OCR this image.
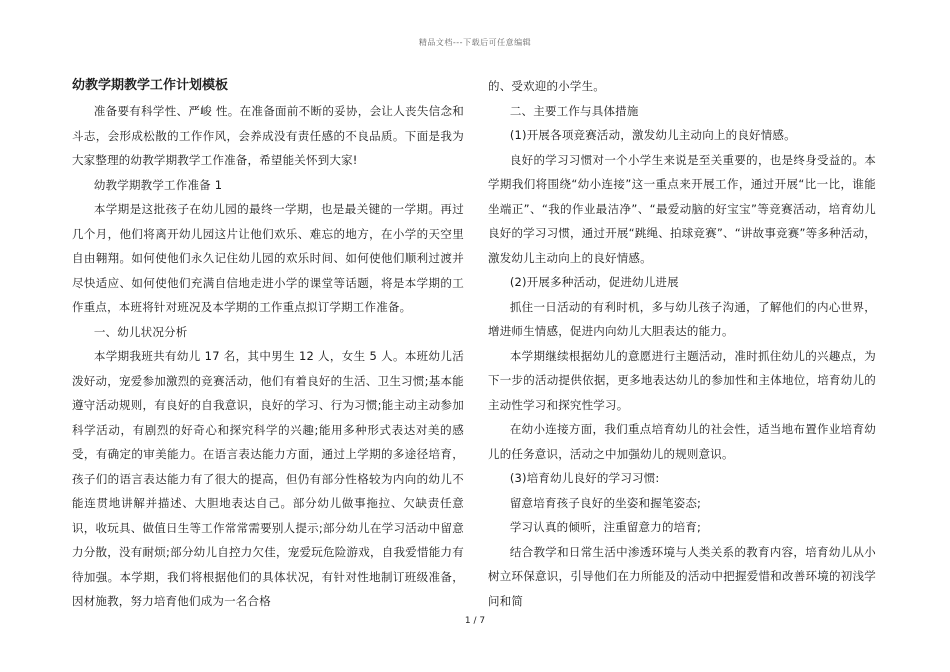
精品文档---下载后可任意编辑
幼教学期教学工作计划模板

准备要有科学性、严峻 性。在准备面前不断的妥协，会让人丧失信念和斗志，会形成松散的工作作风，会养成没有责任感的不良品质。下面是我为大家整理的幼教学期教学工作准备，希望能关怀到大家!

幼教学期教学工作准备 1

本学期是这批孩子在幼儿园的最终一学期，也是最关键的一学期。再过几个月，他们将离开幼儿园这片让他们欢乐、难忘的地方，在小学的天空里自由翱翔。如何使他们永久记住幼儿园的欢乐时间、如何使他们顺利过渡并尽快适应、如何使他们充满自信地走进小学的课堂等话题，将是本学期的工作重点，本班将针对班况及本学期的工作重点拟订学期工作准备。

一、幼儿状况分析

本学期我班共有幼儿 17 名，其中男生 12 人，女生 5 人。本班幼儿活泼好动，宠爱参加激烈的竞赛活动，他们有着良好的生活、卫生习惯;基本能遵守活动规则，有良好的自我意识，良好的学习、行为习惯;能主动主动参加科学活动，有剧烈的好奇心和探究科学的兴趣;能用多种形式表达对美的感受，有确定的审美能力。在语言表达能力方面，通过上学期的多途径培育，孩子们的语言表达能力有了很大的提高，但仍有部分性格较为内向的幼儿不能连贯地讲解并描述、大胆地表达自己。部分幼儿做事拖拉、欠缺责任意识，收玩具、做值日生等工作常常需要别人提示;部分幼儿在学习活动中留意力分散，没有耐烦;部分幼儿自控力欠佳，宠爱玩危险游戏，自我爱惜能力有待加强。本学期，我们将根据他们的具体状况，有针对性地制订班级准备，因材施教，努力培育他们成为一名合格

的、受欢迎的小学生。

二、主要工作与具体措施

(1)开展各项竞赛活动，激发幼儿主动向上的良好情感。

良好的学习习惯对一个小学生来说是至关重要的，也是终身受益的。本学期我们将围绕“幼小连接”这一重点来开展工作，通过开展“比一比，谁能坐端正”、“我的作业最洁净”、“最爱动脑的好宝宝”等竞赛活动，培育幼儿良好的学习习惯，通过开展“跳绳、拍球竞赛”、“讲故事竞赛”等多种活动，激发幼儿主动向上的良好情感。

(2)开展多种活动，促进幼儿进展

抓住一日活动的有利时机，多与幼儿孩子沟通，了解他们的内心世界，增进师生情感，促进内向幼儿大胆表达的能力。

本学期继续根据幼儿的意愿进行主题活动，准时抓住幼儿的兴趣点，为下一步的活动提供依据，更多地表达幼儿的参加性和主体地位，培育幼儿的主动性学习和探究性学习。

在幼小连接方面，我们重点培育幼儿的社会性，适当地布置作业培育幼儿的任务意识，活动之中加强幼儿的规则意识。

(3)培育幼儿良好的学习习惯:

留意培育孩子良好的坐姿和握笔姿态;

学习认真的倾听，注重留意力的培育;

结合教学和日常生活中渗透环境与人类关系的教育内容，培育幼儿从小树立环保意识，引导他们在力所能及的活动中把握爱惜和改善环境的初浅学问和简

1 / 7
